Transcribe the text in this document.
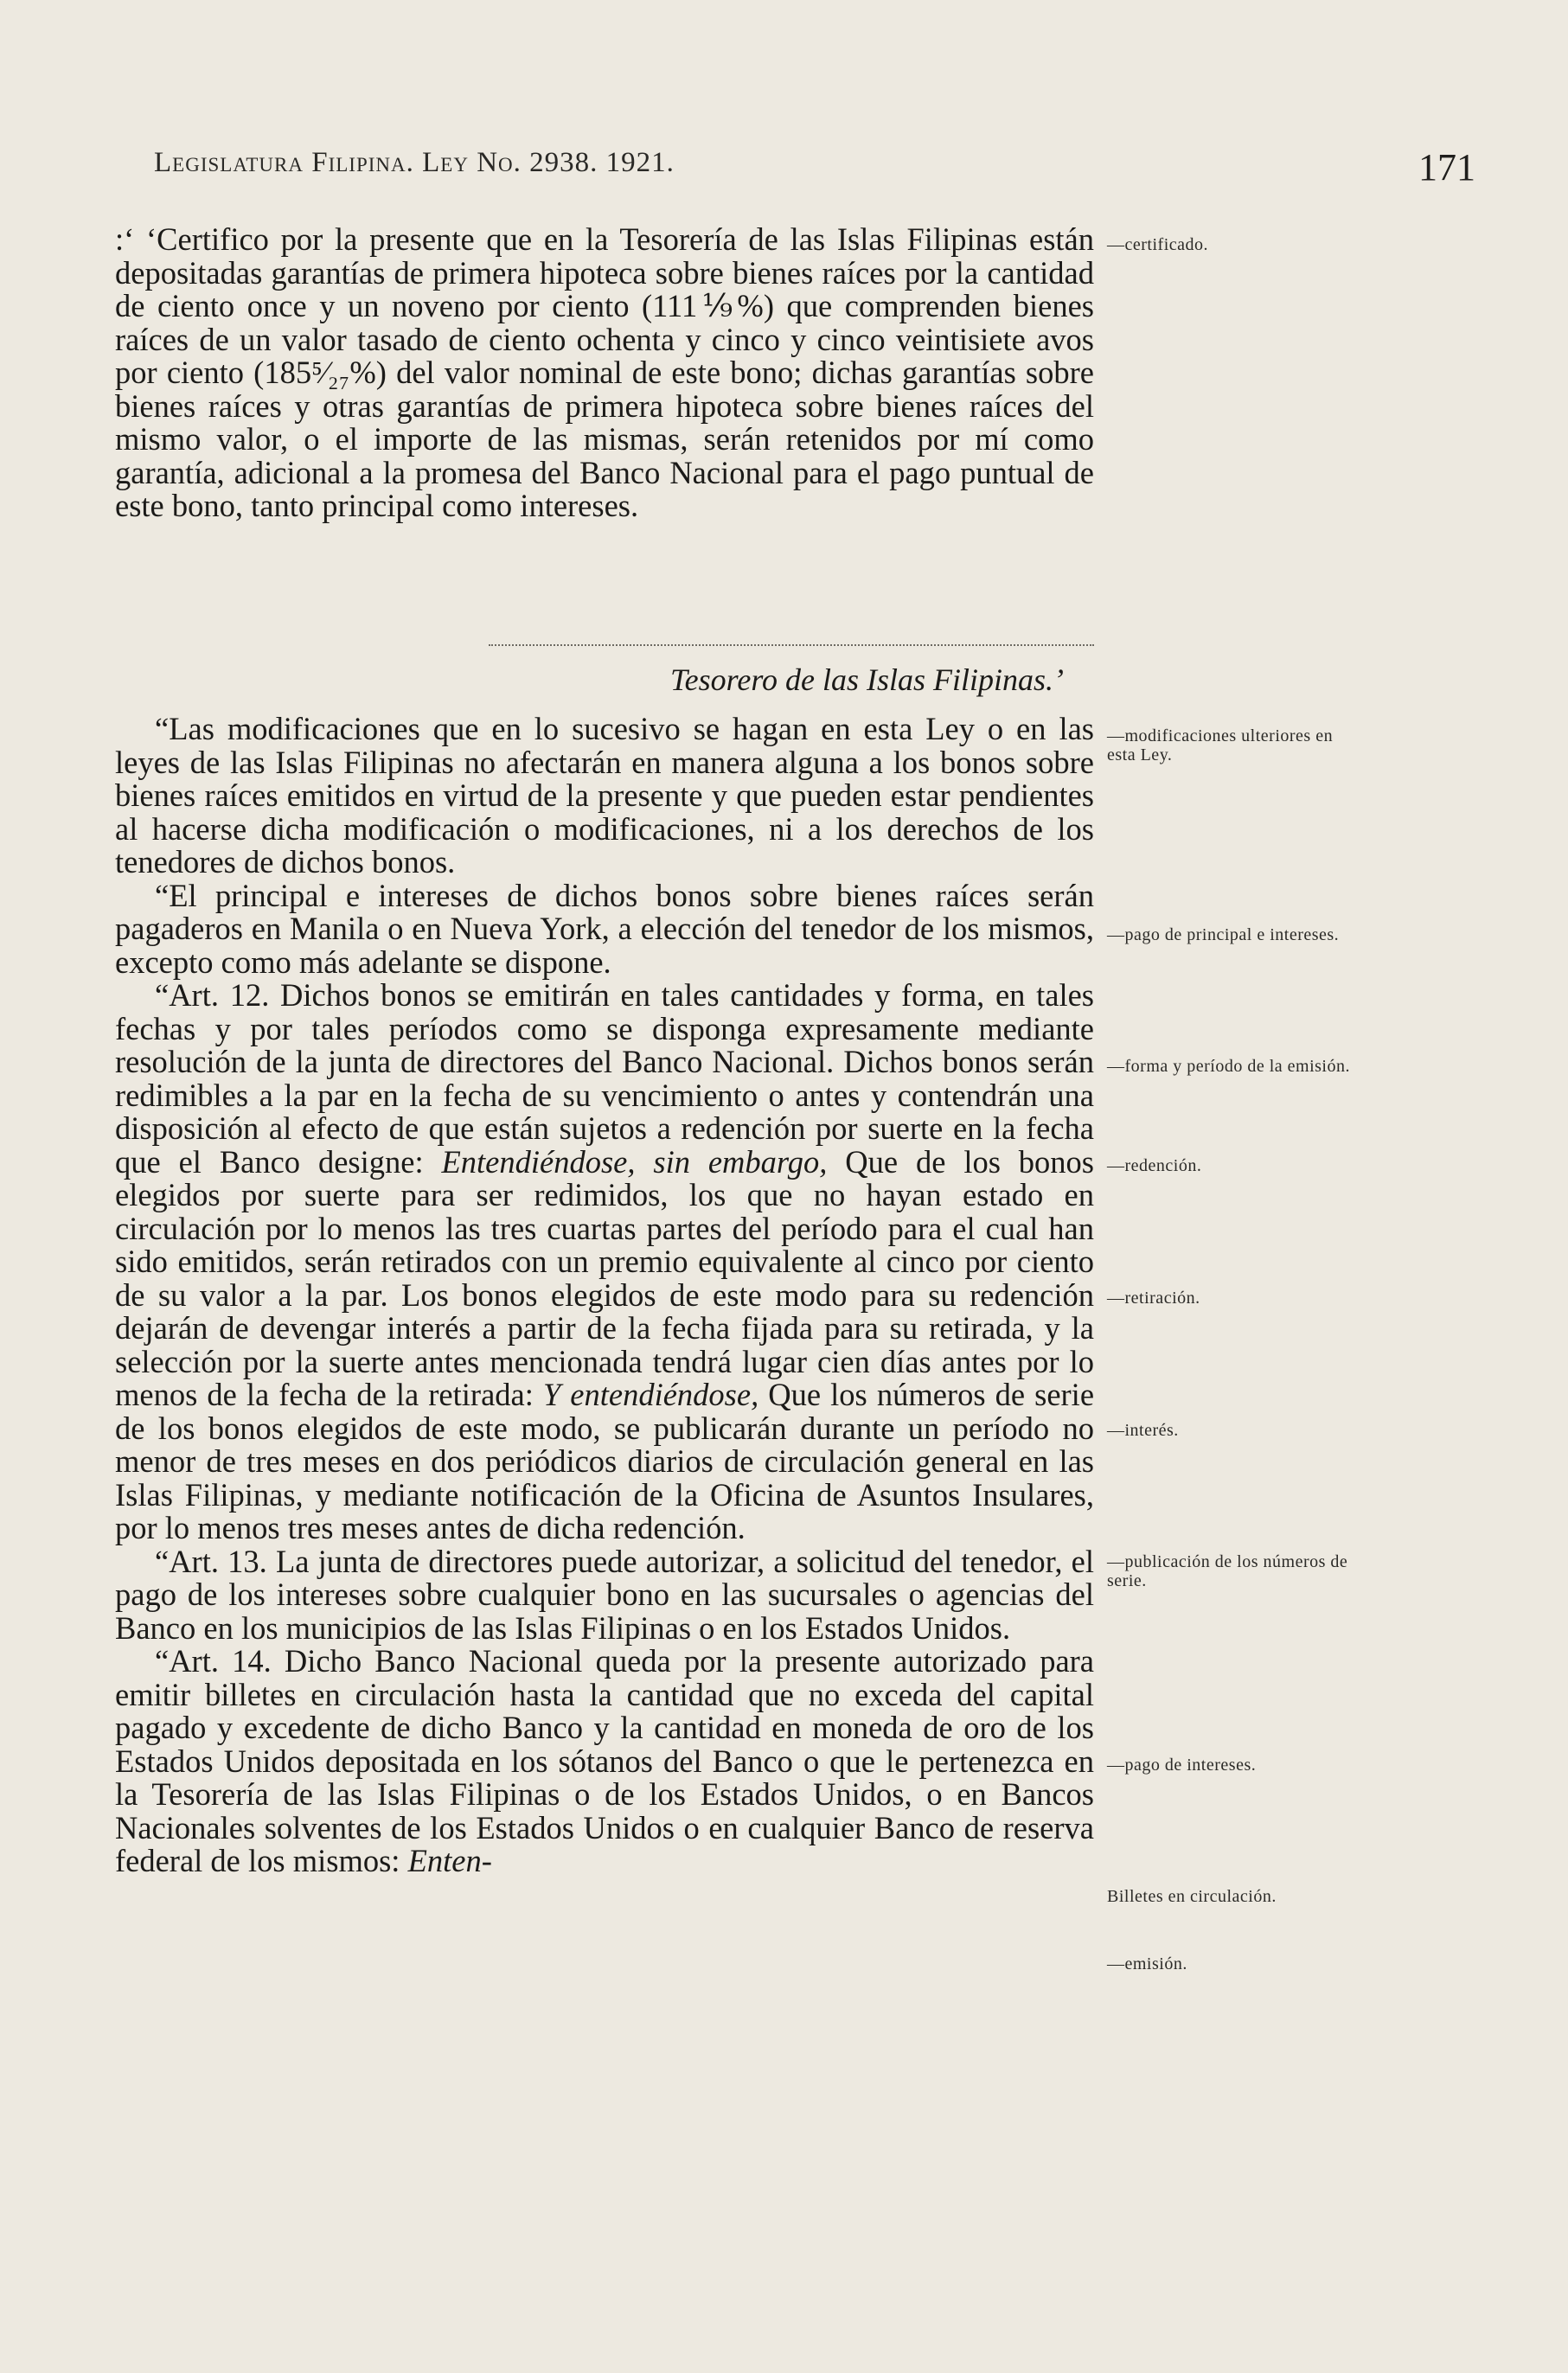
Legislatura Filipina. Ley No. 2938. 1921.	171

:‘ ‘Certifico por la presente que en la Tesorería de las Islas Filipinas están depositadas garantías de primera hipoteca sobre bienes raíces por la cantidad de ciento once y un noveno por ciento (111⅑%) que comprenden bienes raíces de un valor tasado de ciento ochenta y cinco y cinco veintisiete avos por ciento (185⁵⁄₂₇%) del valor nominal de este bono; dichas garantías sobre bienes raíces y otras garantías de primera hipoteca sobre bienes raíces del mismo valor, o el importe de las mismas, serán retenidos por mí como garantía, adicional a la promesa del Banco Nacional para el pago puntual de este bono, tanto principal como intereses.

Tesorero de las Islas Filipinas.’

“Las modificaciones que en lo sucesivo se hagan en esta Ley o en las leyes de las Islas Filipinas no afectarán en manera alguna a los bonos sobre bienes raíces emitidos en virtud de la presente y que pueden estar pendientes al hacerse dicha modificación o modificaciones, ni a los derechos de los tenedores de dichos bonos.

“El principal e intereses de dichos bonos sobre bienes raíces serán pagaderos en Manila o en Nueva York, a elección del tenedor de los mismos, excepto como más adelante se dispone.

“Art. 12. Dichos bonos se emitirán en tales cantidades y forma, en tales fechas y por tales períodos como se disponga expresamente mediante resolución de la junta de directores del Banco Nacional. Dichos bonos serán redimibles a la par en la fecha de su vencimiento o antes y contendrán una disposición al efecto de que están sujetos a redención por suerte en la fecha que el Banco designe: Entendiéndose, sin embargo, Que de los bonos elegidos por suerte para ser redimidos, los que no hayan estado en circulación por lo menos las tres cuartas partes del período para el cual han sido emitidos, serán retirados con un premio equivalente al cinco por ciento de su valor a la par. Los bonos elegidos de este modo para su redención dejarán de devengar interés a partir de la fecha fijada para su retirada, y la selección por la suerte antes mencionada tendrá lugar cien días antes por lo menos de la fecha de la retirada: Y entendiéndose, Que los números de serie de los bonos elegidos de este modo, se publicarán durante un período no menor de tres meses en dos periódicos diarios de circulación general en las Islas Filipinas, y mediante notificación de la Oficina de Asuntos Insulares, por lo menos tres meses antes de dicha redención.

“Art. 13. La junta de directores puede autorizar, a solicitud del tenedor, el pago de los intereses sobre cualquier bono en las sucursales o agencias del Banco en los municipios de las Islas Filipinas o en los Estados Unidos.

“Art. 14. Dicho Banco Nacional queda por la presente autorizado para emitir billetes en circulación hasta la cantidad que no exceda del capital pagado y excedente de dicho Banco y la cantidad en moneda de oro de los Estados Unidos depositada en los sótanos del Banco o que le pertenezca en la Tesorería de las Islas Filipinas o de los Estados Unidos, o en Bancos Nacionales solventes de los Estados Unidos o en cualquier Banco de reserva federal de los mismos: Enten-

—certificado.
—modificaciones ulteriores en esta Ley.
—pago de principal e intereses.
—forma y período de la emisión.
—redención.
—retiración.
—interés.
—publicación de los números de serie.
—pago de intereses.
Billetes en circulación.
—emisión.
